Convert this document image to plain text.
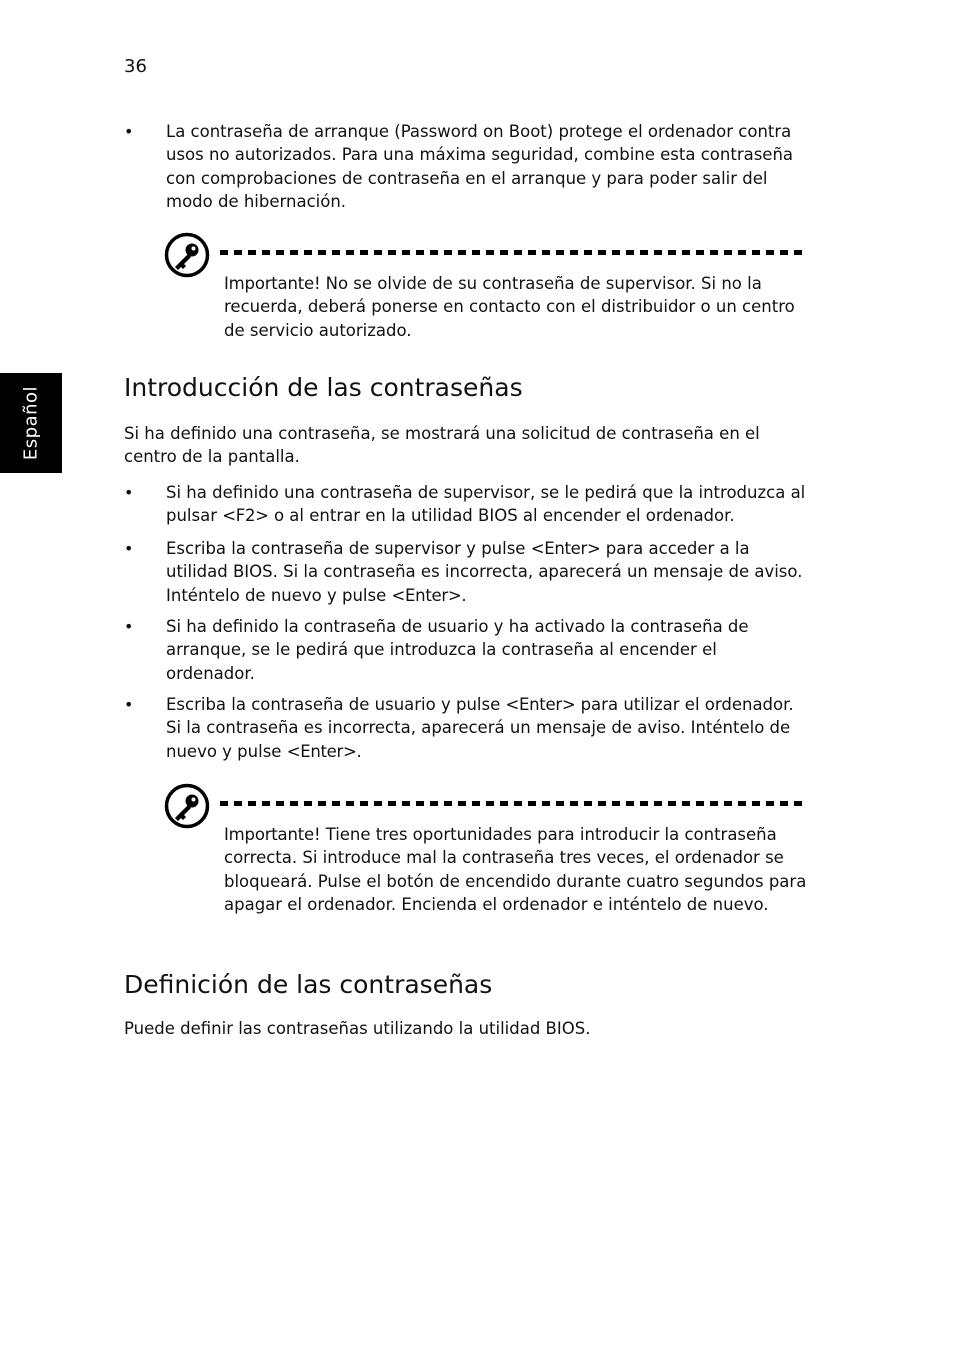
36
Español
• La contraseña de arranque (Password on Boot) protege el ordenador contra usos no autorizados. Para una máxima seguridad, combine esta contraseña con comprobaciones de contraseña en el arranque y para poder salir del modo de hibernación.
Importante! No se olvide de su contraseña de supervisor. Si no la recuerda, deberá ponerse en contacto con el distribuidor o un centro de servicio autorizado.
Introducción de las contraseñas
Si ha definido una contraseña, se mostrará una solicitud de contraseña en el centro de la pantalla.
• Si ha definido una contraseña de supervisor, se le pedirá que la introduzca al pulsar <F2> o al entrar en la utilidad BIOS al encender el ordenador.
• Escriba la contraseña de supervisor y pulse <Enter> para acceder a la utilidad BIOS. Si la contraseña es incorrecta, aparecerá un mensaje de aviso. Inténtelo de nuevo y pulse <Enter>.
• Si ha definido la contraseña de usuario y ha activado la contraseña de arranque, se le pedirá que introduzca la contraseña al encender el ordenador.
• Escriba la contraseña de usuario y pulse <Enter> para utilizar el ordenador. Si la contraseña es incorrecta, aparecerá un mensaje de aviso. Inténtelo de nuevo y pulse <Enter>.
Importante! Tiene tres oportunidades para introducir la contraseña correcta. Si introduce mal la contraseña tres veces, el ordenador se bloqueará. Pulse el botón de encendido durante cuatro segundos para apagar el ordenador. Encienda el ordenador e inténtelo de nuevo.
Definición de las contraseñas
Puede definir las contraseñas utilizando la utilidad BIOS.
